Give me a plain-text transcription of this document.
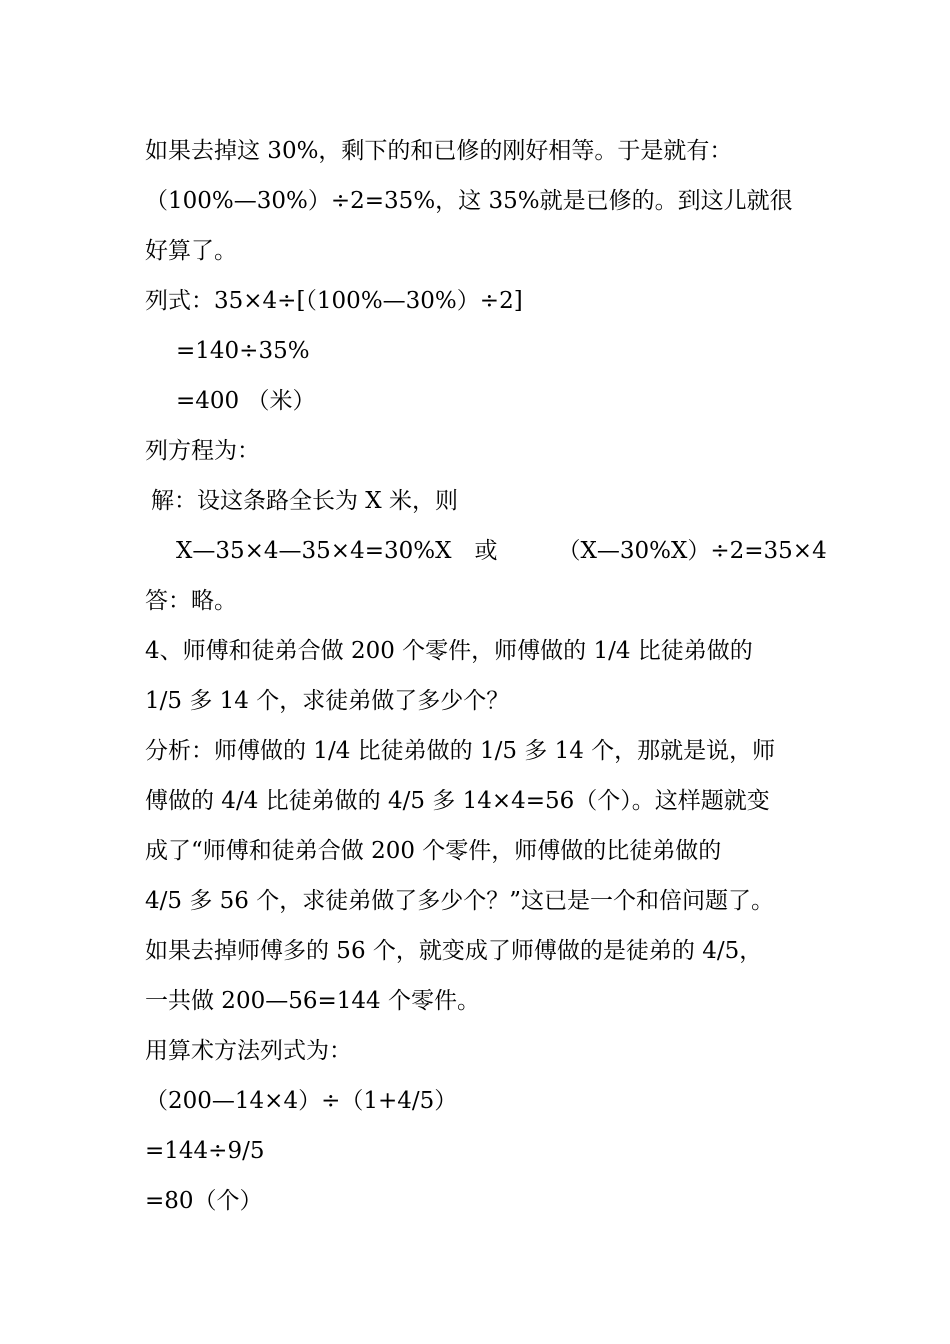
如果去掉这 30%，剩下的和已修的刚好相等。于是就有：
（100%—30%）÷2=35%，这 35%就是已修的。到这儿就很
好算了。
列式：35×4÷[（100%—30%）÷2]
=140÷35%
=400 （米）
列方程为：
解：设这条路全长为 X 米，则
X—35×4—35×4=30%X　或	（X—30%X）÷2=35×4
答：略。
4、师傅和徒弟合做 200 个零件，师傅做的 1/4 比徒弟做的
1/5 多 14 个，求徒弟做了多少个？
分析：师傅做的 1/4 比徒弟做的 1/5 多 14 个，那就是说，师
傅做的 4/4 比徒弟做的 4/5 多 14×4=56（个）。这样题就变
成了“师傅和徒弟合做 200 个零件，师傅做的比徒弟做的
4/5 多 56 个，求徒弟做了多少个？”这已是一个和倍问题了。
如果去掉师傅多的 56 个，就变成了师傅做的是徒弟的 4/5，
一共做 200—56=144 个零件。
用算术方法列式为：
（200—14×4）÷（1+4/5）
=144÷9/5
=80（个）
